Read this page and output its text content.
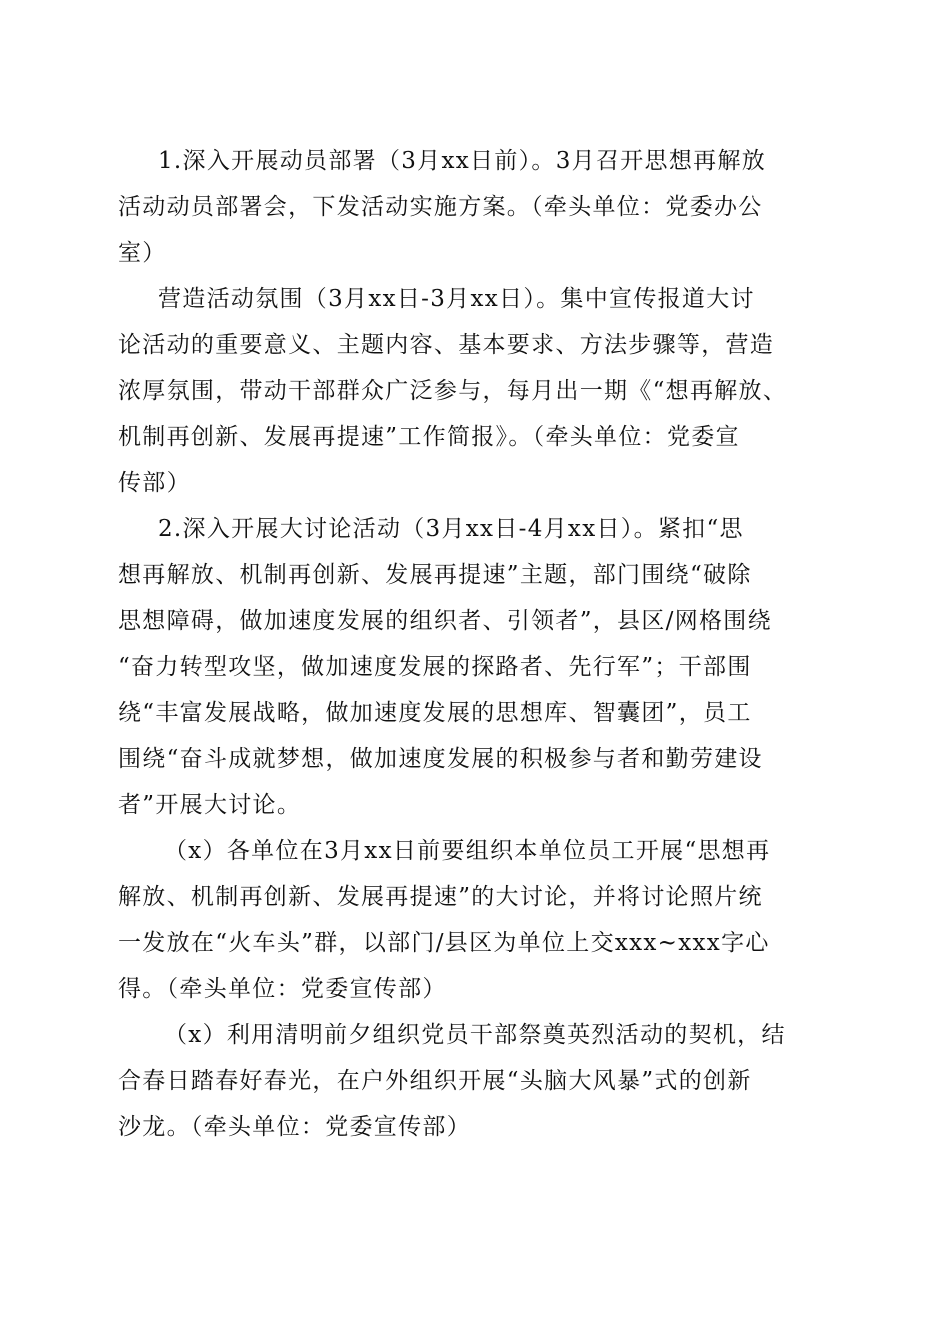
1.深入开展动员部署（3月xx日前）。3月召开思想再解放
活动动员部署会，下发活动实施方案。（牵头单位：党委办公
室）
营造活动氛围（3月xx日-3月xx日）。集中宣传报道大讨
论活动的重要意义、主题内容、基本要求、方法步骤等，营造
浓厚氛围，带动干部群众广泛参与，每月出一期《“想再解放、
机制再创新、发展再提速”工作简报》。（牵头单位：党委宣
传部）
2.深入开展大讨论活动（3月xx日-4月xx日）。紧扣“思
想再解放、机制再创新、发展再提速”主题，部门围绕“破除
思想障碍，做加速度发展的组织者、引领者”，县区/网格围绕
“奋力转型攻坚，做加速度发展的探路者、先行军”；干部围
绕“丰富发展战略，做加速度发展的思想库、智囊团”，员工
围绕“奋斗成就梦想，做加速度发展的积极参与者和勤劳建设
者”开展大讨论。
（x）各单位在3月xx日前要组织本单位员工开展“思想再
解放、机制再创新、发展再提速”的大讨论，并将讨论照片统
一发放在“火车头”群，以部门/县区为单位上交xxx~xxx字心
得。（牵头单位：党委宣传部）
（x）利用清明前夕组织党员干部祭奠英烈活动的契机，结
合春日踏春好春光，在户外组织开展“头脑大风暴”式的创新
沙龙。（牵头单位：党委宣传部）
